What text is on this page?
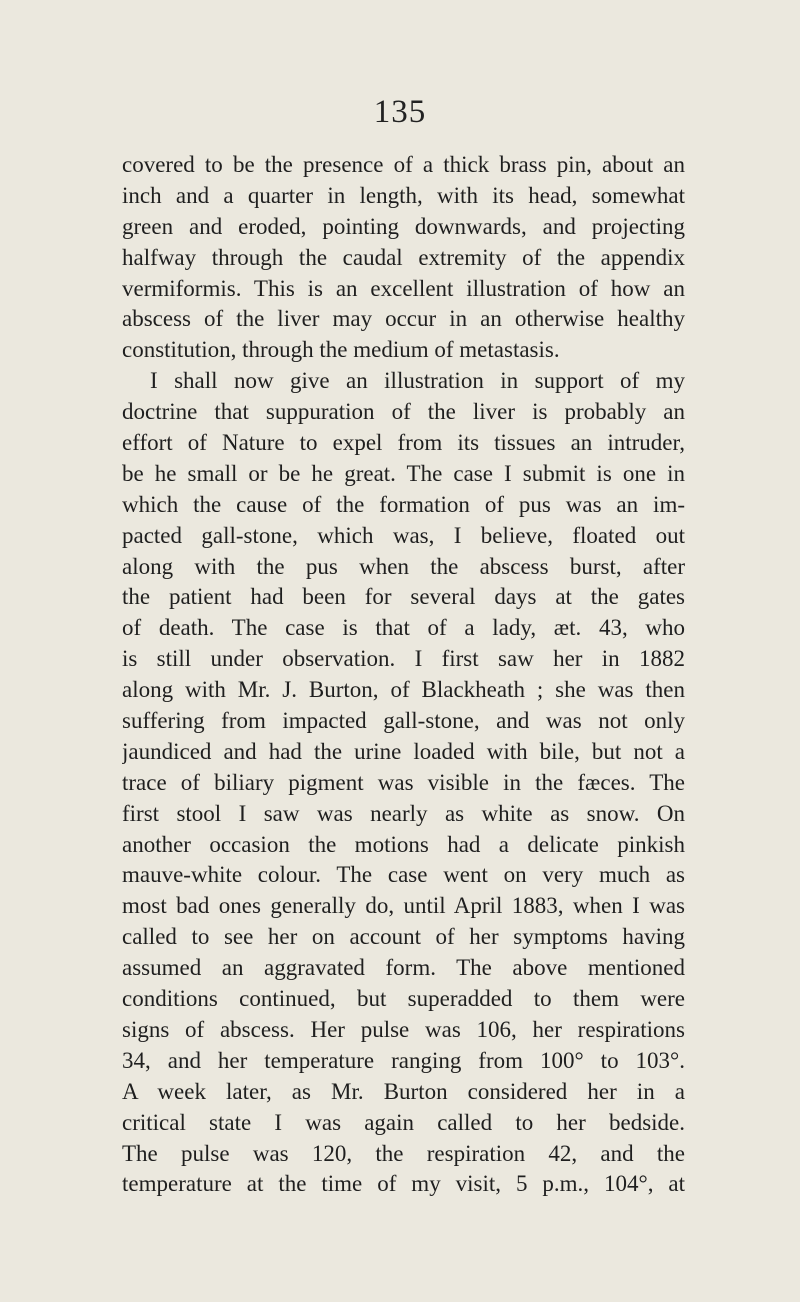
135
covered to be the presence of a thick brass pin, about an
inch and a quarter in length, with its head, somewhat
green and eroded, pointing downwards, and projecting
halfway through the caudal extremity of the appendix
vermiformis. This is an excellent illustration of how an
abscess of the liver may occur in an otherwise healthy
constitution, through the medium of metastasis.
I shall now give an illustration in support of my
doctrine that suppuration of the liver is probably an
effort of Nature to expel from its tissues an intruder,
be he small or be he great. The case I submit is one in
which the cause of the formation of pus was an im-
pacted gall-stone, which was, I believe, floated out
along with the pus when the abscess burst, after
the patient had been for several days at the gates
of death. The case is that of a lady, æt. 43, who
is still under observation. I first saw her in 1882
along with Mr. J. Burton, of Blackheath ; she was then
suffering from impacted gall-stone, and was not only
jaundiced and had the urine loaded with bile, but not a
trace of biliary pigment was visible in the fæces. The
first stool I saw was nearly as white as snow. On
another occasion the motions had a delicate pinkish
mauve-white colour. The case went on very much as
most bad ones generally do, until April 1883, when I was
called to see her on account of her symptoms having
assumed an aggravated form. The above mentioned
conditions continued, but superadded to them were
signs of abscess. Her pulse was 106, her respirations
34, and her temperature ranging from 100° to 103°.
A week later, as Mr. Burton considered her in a
critical state I was again called to her bedside.
The pulse was 120, the respiration 42, and the
temperature at the time of my visit, 5 p.m., 104°, at
